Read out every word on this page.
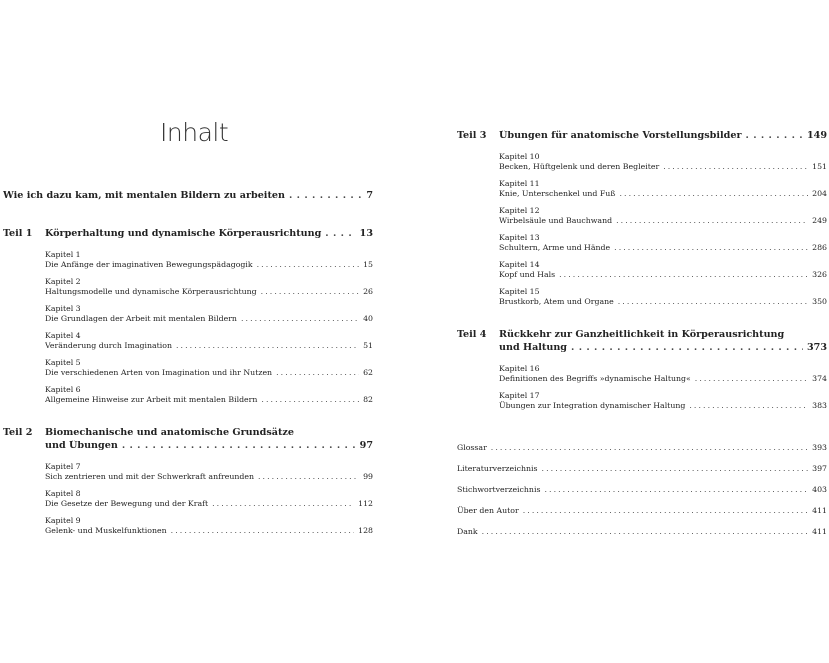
Inhalt
Wie ich dazu kam, mit mentalen Bildern zu arbeiten . . .	7
Teil 1 Körperhaltung und dynamische Körperausrichtung . . .	13
Kapitel 1
Die Anfänge der imaginativen Bewegungspädagogik . . .	15
Kapitel 2
Haltungsmodelle und dynamische Körperausrichtung . . .	26
Kapitel 3
Die Grundlagen der Arbeit mit mentalen Bildern . . .	40
Kapitel 4
Veränderung durch Imagination . . .	51
Kapitel 5
Die verschiedenen Arten von Imagination und ihr Nutzen . . .	62
Kapitel 6
Allgemeine Hinweise zur Arbeit mit mentalen Bildern . . .	82
Teil 2 Biomechanische und anatomische Grundsätze
und Übungen . . .	97
Kapitel 7
Sich zentrieren und mit der Schwerkraft anfreunden . . .	99
Kapitel 8
Die Gesetze der Bewegung und der Kraft . . .	112
Kapitel 9
Gelenk- und Muskelfunktionen . . .	128
Teil 3 Übungen für anatomische Vorstellungsbilder . . .	149
Kapitel 10
Becken, Hüftgelenk und deren Begleiter . . .	151
Kapitel 11
Knie, Unterschenkel und Fuß . . .	204
Kapitel 12
Wirbelsäule und Bauchwand . . .	249
Kapitel 13
Schultern, Arme und Hände . . .	286
Kapitel 14
Kopf und Hals . . .	326
Kapitel 15
Brustkorb, Atem und Organe . . .	350
Teil 4 Rückkehr zur Ganzheitlichkeit in Körperausrichtung
und Haltung . . .	373
Kapitel 16
Definitionen des Begriffs »dynamische Haltung« . . .	374
Kapitel 17
Übungen zur Integration dynamischer Haltung . . .	383
Glossar . . .	393
Literaturverzeichnis . . .	397
Stichwortverzeichnis . . .	403
Über den Autor . . .	411
Dank . . .	411
